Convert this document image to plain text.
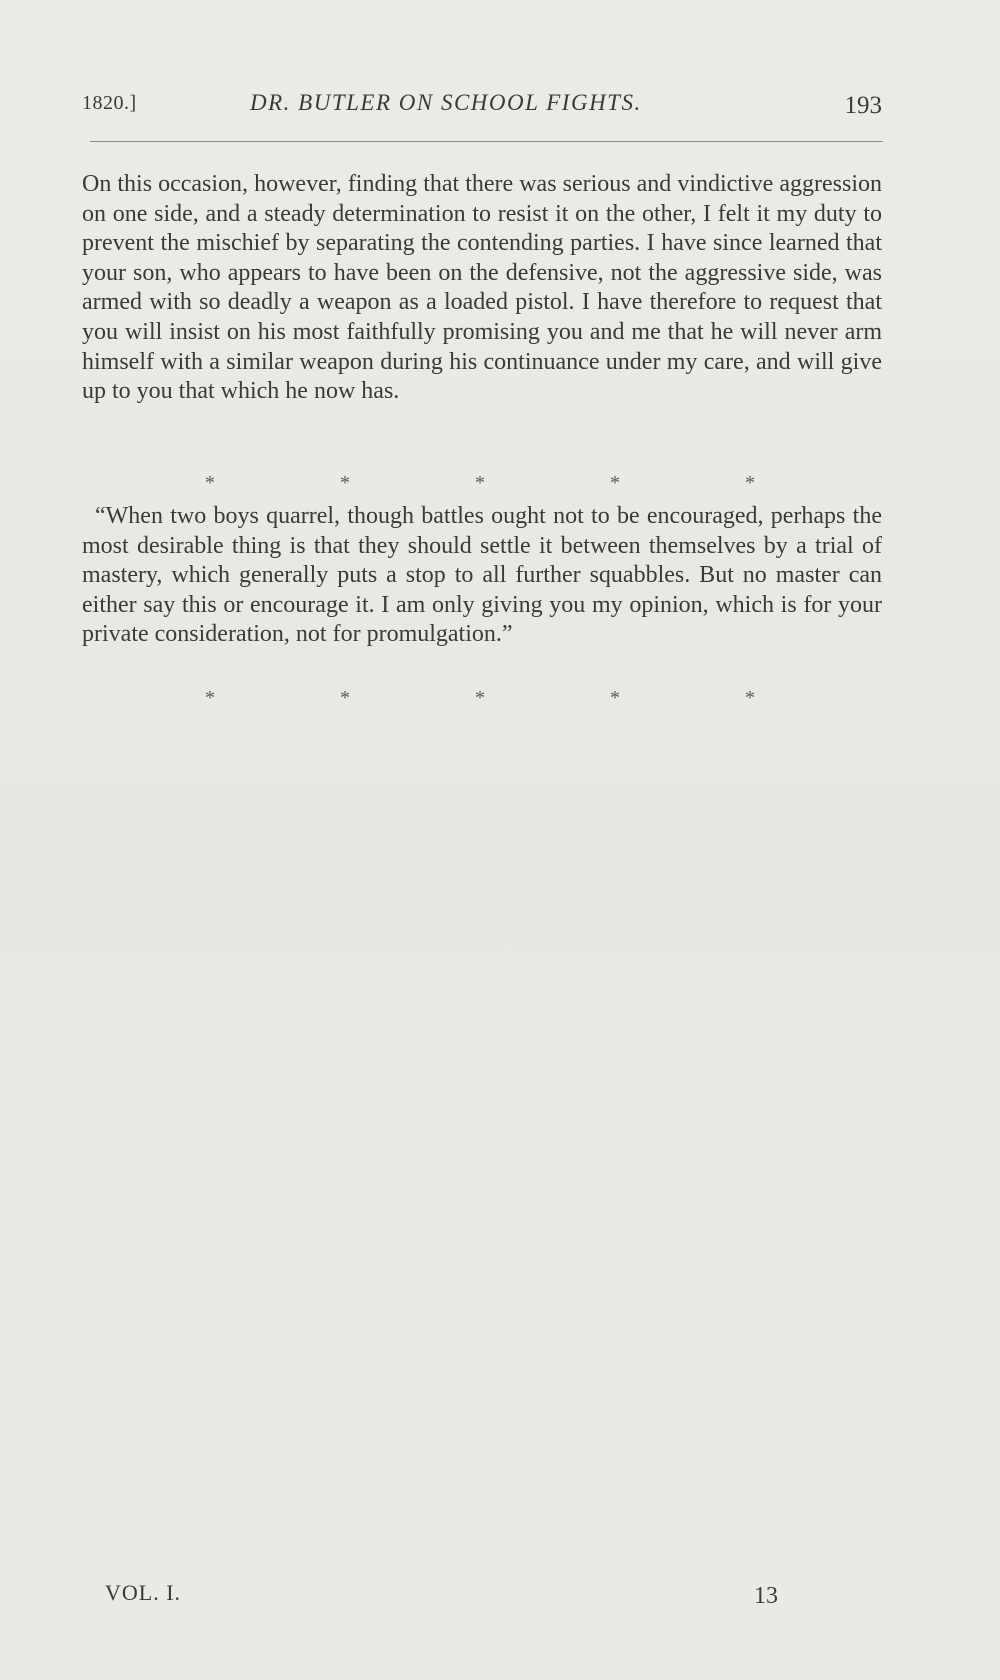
1820.]	DR. BUTLER ON SCHOOL FIGHTS.	193
On this occasion, however, finding that there was serious and vindictive aggression on one side, and a steady determination to resist it on the other, I felt it my duty to prevent the mischief by separating the contending parties. I have since learned that your son, who appears to have been on the defensive, not the aggressive side, was armed with so deadly a weapon as a loaded pistol. I have therefore to request that you will insist on his most faithfully promising you and me that he will never arm himself with a similar weapon during his continuance under my care, and will give up to you that which he now has.
*	*	*	*	*
“When two boys quarrel, though battles ought not to be encouraged, perhaps the most desirable thing is that they should settle it between themselves by a trial of mastery, which generally puts a stop to all further squabbles. But no master can either say this or encourage it. I am only giving you my opinion, which is for your private consideration, not for promulgation.”
*	*	*	*	*
VOL. I.	13
